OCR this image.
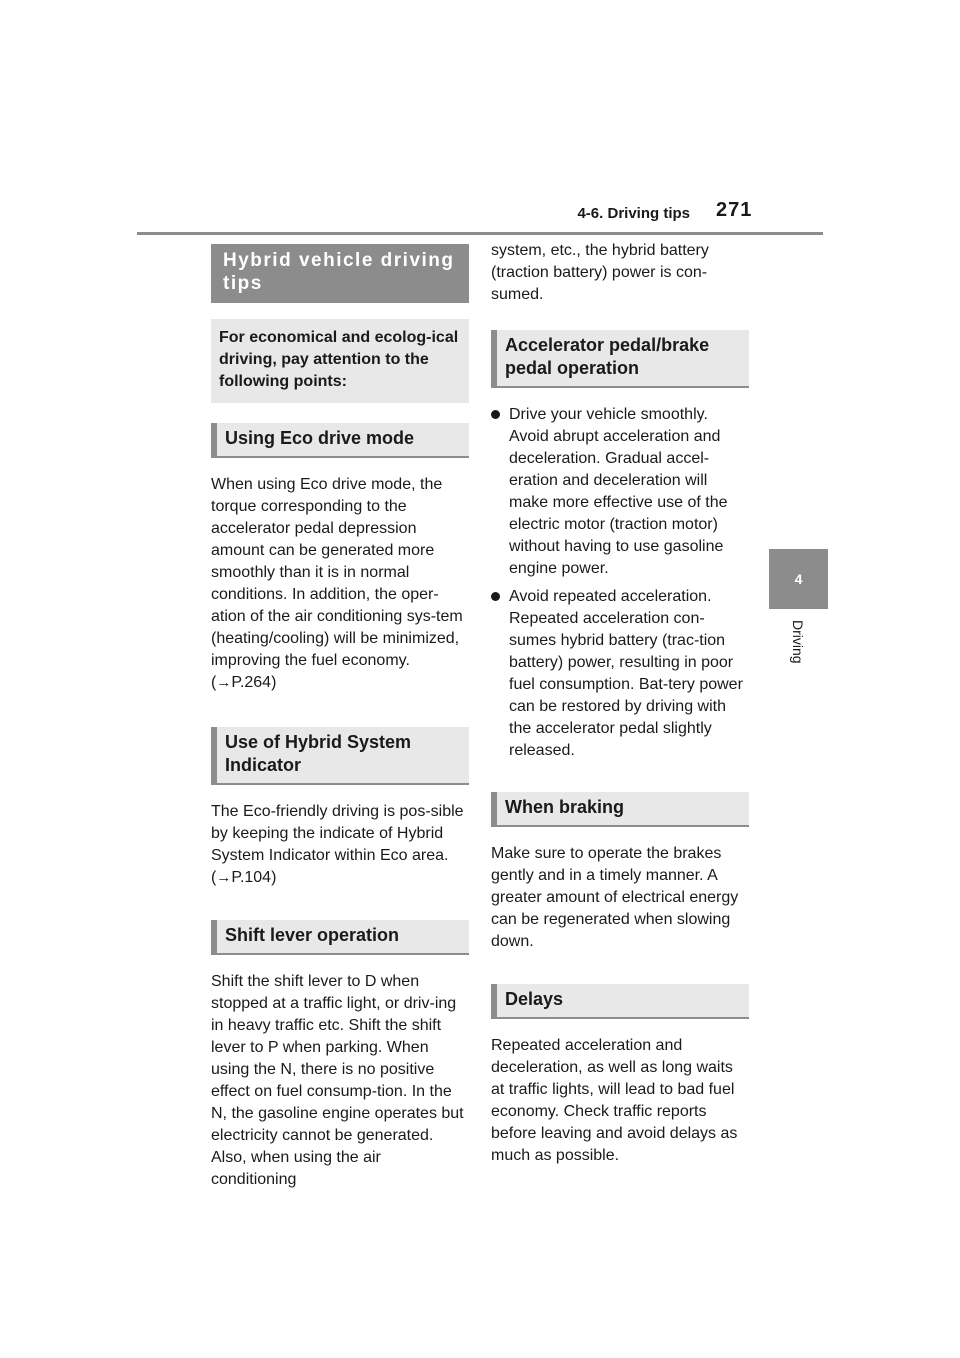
4-6. Driving tips 271
4
Driving
Hybrid vehicle driving tips
For economical and ecolog-ical driving, pay attention to the following points:
Using Eco drive mode

When using Eco drive mode, the torque corresponding to the accelerator pedal depression amount can be generated more smoothly than it is in normal conditions. In addition, the oper-ation of the air conditioning sys-tem (heating/cooling) will be minimized, improving the fuel economy. (→P.264)

Use of Hybrid System Indicator

The Eco-friendly driving is pos-sible by keeping the indicate of Hybrid System Indicator within Eco area. (→P.104)

Shift lever operation

Shift the shift lever to D when stopped at a traffic light, or driv-ing in heavy traffic etc. Shift the shift lever to P when parking. When using the N, there is no positive effect on fuel consump-tion. In the N, the gasoline engine operates but electricity cannot be generated. Also, when using the air conditioning

system, etc., the hybrid battery (traction battery) power is con-sumed.

Accelerator pedal/brake pedal operation

Drive your vehicle smoothly. Avoid abrupt acceleration and deceleration. Gradual accel-eration and deceleration will make more effective use of the electric motor (traction motor) without having to use gasoline engine power.

Avoid repeated acceleration. Repeated acceleration con-sumes hybrid battery (trac-tion battery) power, resulting in poor fuel consumption. Bat-tery power can be restored by driving with the accelerator pedal slightly released.

When braking

Make sure to operate the brakes gently and in a timely manner. A greater amount of electrical energy can be regenerated when slowing down.

Delays

Repeated acceleration and deceleration, as well as long waits at traffic lights, will lead to bad fuel economy. Check traffic reports before leaving and avoid delays as much as possible.
